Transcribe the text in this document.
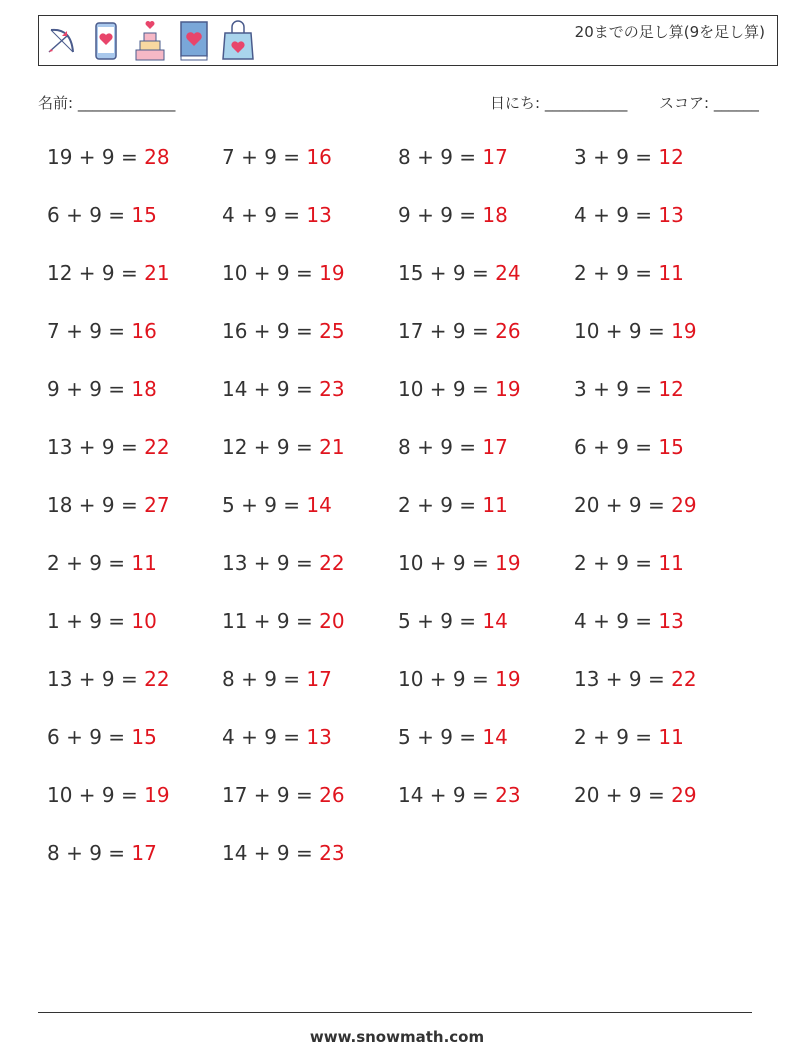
20までの足し算(9を足し算)
名前: _____________	日にち: ___________ スコア: ______
19 + 9 = 28	7 + 9 = 16	8 + 9 = 17	3 + 9 = 12
6 + 9 = 15	4 + 9 = 13	9 + 9 = 18	4 + 9 = 13
12 + 9 = 21	10 + 9 = 19	15 + 9 = 24	2 + 9 = 11
7 + 9 = 16	16 + 9 = 25	17 + 9 = 26	10 + 9 = 19
9 + 9 = 18	14 + 9 = 23	10 + 9 = 19	3 + 9 = 12
13 + 9 = 22	12 + 9 = 21	8 + 9 = 17	6 + 9 = 15
18 + 9 = 27	5 + 9 = 14	2 + 9 = 11	20 + 9 = 29
2 + 9 = 11	13 + 9 = 22	10 + 9 = 19	2 + 9 = 11
1 + 9 = 10	11 + 9 = 20	5 + 9 = 14	4 + 9 = 13
13 + 9 = 22	8 + 9 = 17	10 + 9 = 19	13 + 9 = 22
6 + 9 = 15	4 + 9 = 13	5 + 9 = 14	2 + 9 = 11
10 + 9 = 19	17 + 9 = 26	14 + 9 = 23	20 + 9 = 29
8 + 9 = 17	14 + 9 = 23
www.snowmath.com
